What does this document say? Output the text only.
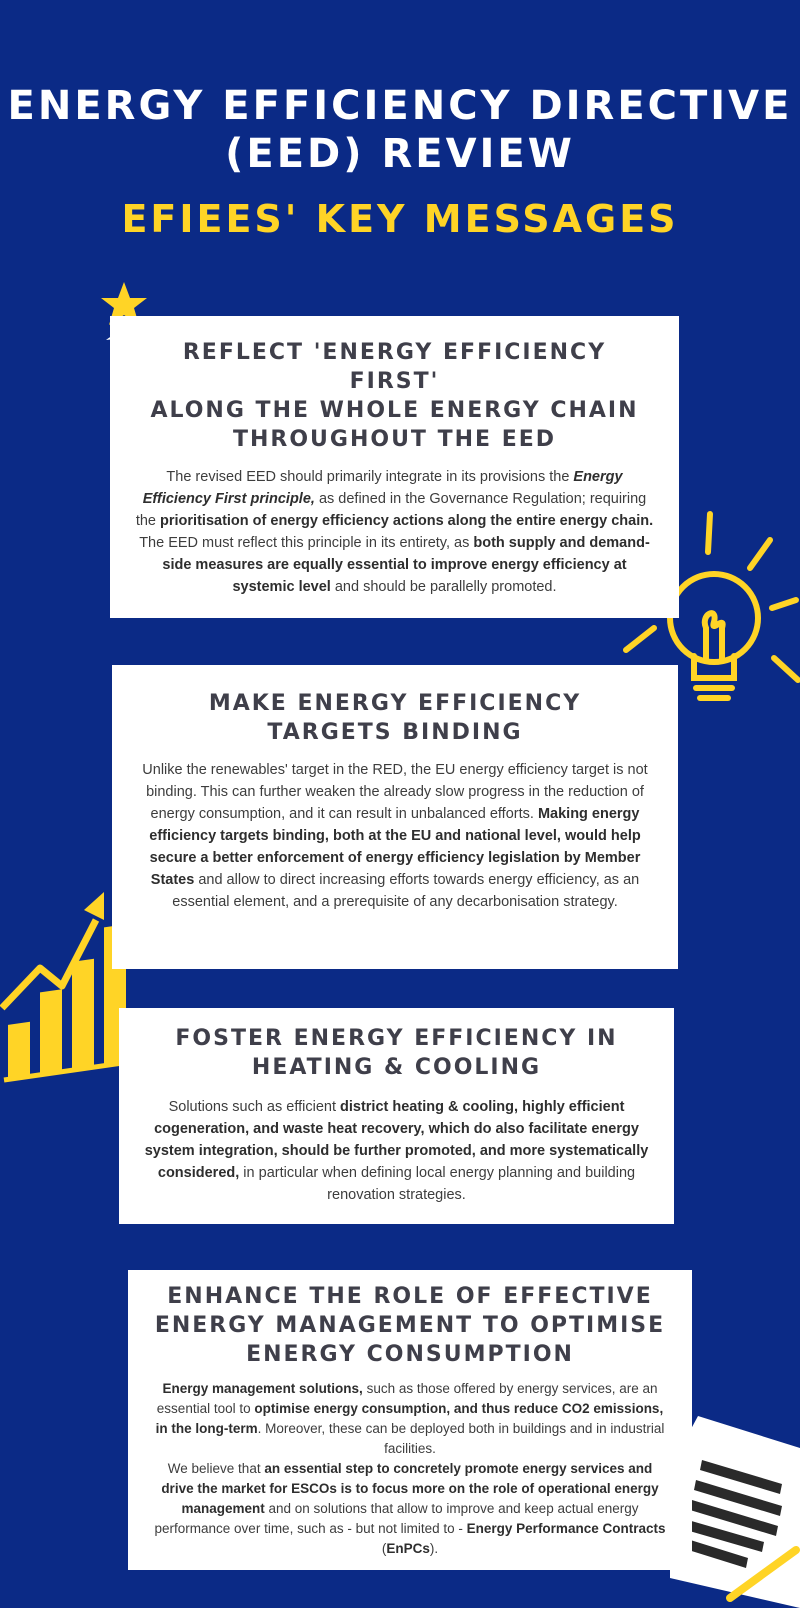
ENERGY EFFICIENCY DIRECTIVE
(EED) REVIEW
EFIEES' KEY MESSAGES
REFLECT 'ENERGY EFFICIENCY FIRST'
ALONG THE WHOLE ENERGY CHAIN
THROUGHOUT THE EED
The revised EED should primarily integrate in its provisions the Energy Efficiency First principle, as defined in the Governance Regulation; requiring the prioritisation of energy efficiency actions along the entire energy chain. The EED must reflect this principle in its entirety, as both supply and demand-side measures are equally essential to improve energy efficiency at systemic level and should be parallelly promoted.
MAKE ENERGY EFFICIENCY
TARGETS BINDING
Unlike the renewables' target in the RED, the EU energy efficiency target is not binding. This can further weaken the already slow progress in the reduction of energy consumption, and it can result in unbalanced efforts. Making energy efficiency targets binding, both at the EU and national level, would help secure a better enforcement of energy efficiency legislation by Member States and allow to direct increasing efforts towards energy efficiency, as an essential element, and a prerequisite of any decarbonisation strategy.
FOSTER ENERGY EFFICIENCY IN
HEATING & COOLING
Solutions such as efficient district heating & cooling, highly efficient cogeneration, and waste heat recovery, which do also facilitate energy system integration, should be further promoted, and more systematically considered, in particular when defining local energy planning and building renovation strategies.
ENHANCE THE ROLE OF EFFECTIVE
ENERGY MANAGEMENT TO OPTIMISE
ENERGY CONSUMPTION
Energy management solutions, such as those offered by energy services, are an essential tool to optimise energy consumption, and thus reduce CO2 emissions, in the long-term. Moreover, these can be deployed both in buildings and in industrial facilities.
We believe that an essential step to concretely promote energy services and drive the market for ESCOs is to focus more on the role of operational energy management and on solutions that allow to improve and keep actual energy performance over time, such as - but not limited to - Energy Performance Contracts (EnPCs).
